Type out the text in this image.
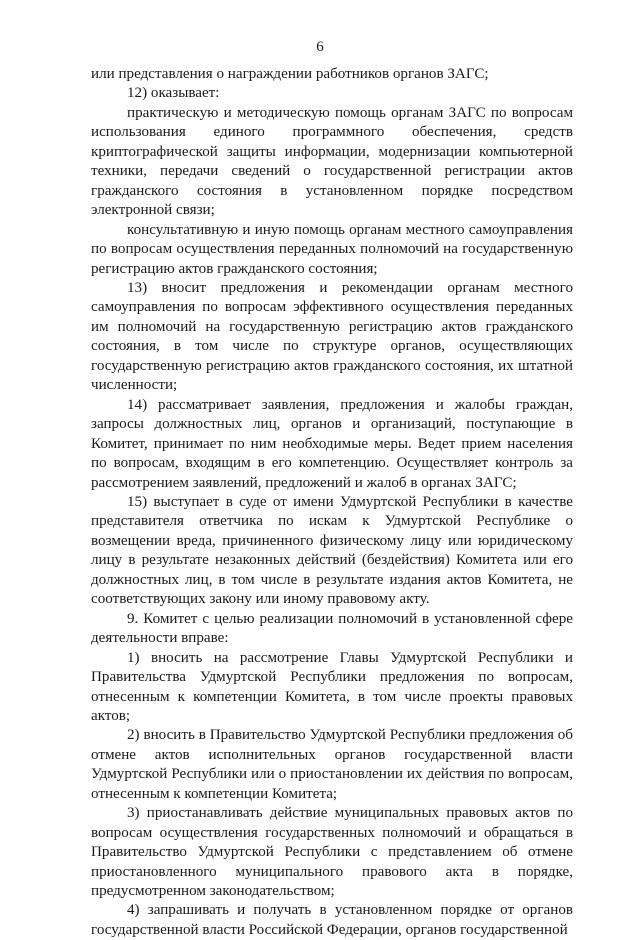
6

или представления о награждении работников органов ЗАГС;

12) оказывает:

практическую и методическую помощь органам ЗАГС по вопросам использования единого программного обеспечения, средств криптографической защиты информации, модернизации компьютерной техники, передачи сведений о государственной регистрации актов гражданского состояния в установленном порядке посредством электронной связи;

консультативную и иную помощь органам местного самоуправления по вопросам осуществления переданных полномочий на государственную регистрацию актов гражданского состояния;

13) вносит предложения и рекомендации органам местного самоуправления по вопросам эффективного осуществления переданных им полномочий на государственную регистрацию актов гражданского состояния, в том числе по структуре органов, осуществляющих государственную регистрацию актов гражданского состояния, их штатной численности;

14) рассматривает заявления, предложения и жалобы граждан, запросы должностных лиц, органов и организаций, поступающие в Комитет, принимает по ним необходимые меры. Ведет прием населения по вопросам, входящим в его компетенцию. Осуществляет контроль за рассмотрением заявлений, предложений и жалоб в органах ЗАГС;

15) выступает в суде от имени Удмуртской Республики в качестве представителя ответчика по искам к Удмуртской Республике о возмещении вреда, причиненного физическому лицу или юридическому лицу в результате незаконных действий (бездействия) Комитета или его должностных лиц, в том числе в результате издания актов Комитета, не соответствующих закону или иному правовому акту.

9. Комитет с целью реализации полномочий в установленной сфере деятельности вправе:

1) вносить на рассмотрение Главы Удмуртской Республики и Правительства Удмуртской Республики предложения по вопросам, отнесенным к компетенции Комитета, в том числе проекты правовых актов;

2) вносить в Правительство Удмуртской Республики предложения об отмене актов исполнительных органов государственной власти Удмуртской Республики или о приостановлении их действия по вопросам, отнесенным к компетенции Комитета;

3) приостанавливать действие муниципальных правовых актов по вопросам осуществления государственных полномочий и обращаться в Правительство Удмуртской Республики с представлением об отмене приостановленного муниципального правового акта в порядке, предусмотренном законодательством;

4) запрашивать и получать в установленном порядке от органов государственной власти Российской Федерации, органов государственной
